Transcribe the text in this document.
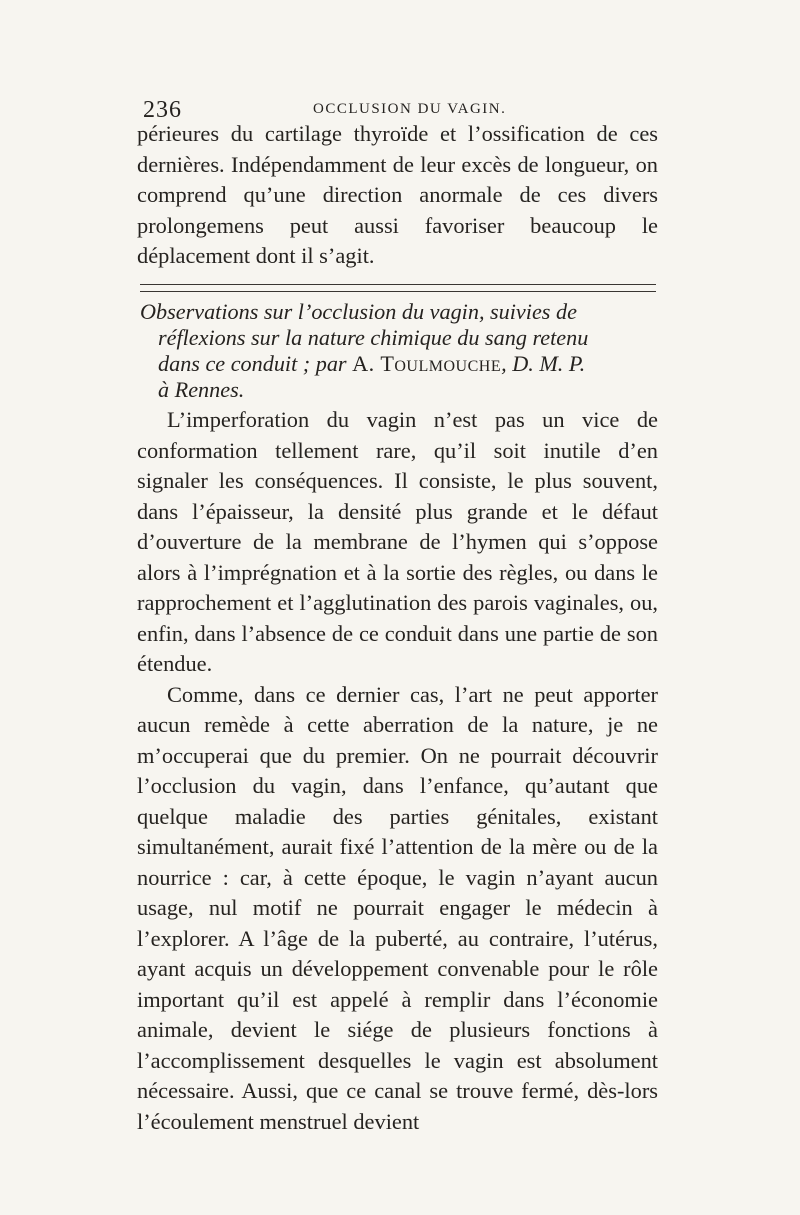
236	OCCLUSION DU VAGIN.

périeures du cartilage thyroïde et l’ossification de ces dernières. Indépendamment de leur excès de longueur, on comprend qu’une direction anormale de ces divers prolongemens peut aussi favoriser beaucoup le déplacement dont il s’agit.

Observations sur l’occlusion du vagin, suivies de
réflexions sur la nature chimique du sang retenu
dans ce conduit ; par A. Toulmouche, D. M. P.
à Rennes.

L’imperforation du vagin n’est pas un vice de conformation tellement rare, qu’il soit inutile d’en signaler les conséquences. Il consiste, le plus souvent, dans l’épaisseur, la densité plus grande et le défaut d’ouverture de la membrane de l’hymen qui s’oppose alors à l’imprégnation et à la sortie des règles, ou dans le rapprochement et l’agglutination des parois vaginales, ou, enfin, dans l’absence de ce conduit dans une partie de son étendue.

Comme, dans ce dernier cas, l’art ne peut apporter aucun remède à cette aberration de la nature, je ne m’occuperai que du premier. On ne pourrait découvrir l’occlusion du vagin, dans l’enfance, qu’autant que quelque maladie des parties génitales, existant simultanément, aurait fixé l’attention de la mère ou de la nourrice : car, à cette époque, le vagin n’ayant aucun usage, nul motif ne pourrait engager le médecin à l’explorer. A l’âge de la puberté, au contraire, l’utérus, ayant acquis un développement convenable pour le rôle important qu’il est appelé à remplir dans l’économie animale, devient le siége de plusieurs fonctions à l’accomplissement desquelles le vagin est absolument nécessaire. Aussi, que ce canal se trouve fermé, dès-lors l’écoulement menstruel devient
